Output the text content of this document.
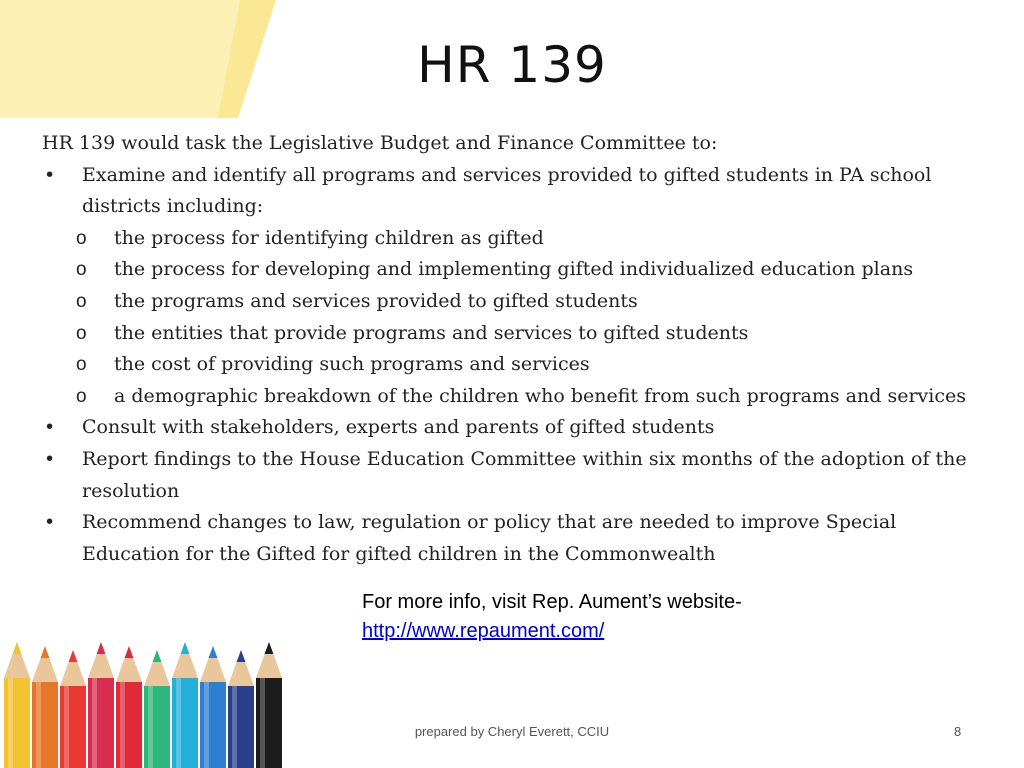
HR 139

HR 139 would task the Legislative Budget and Finance Committee to:

•	Examine and identify all programs and services provided to gifted students in PA school districts including:
o	the process for identifying children as gifted
o	the process for developing and implementing gifted individualized education plans
o	the programs and services provided to gifted students
o	the entities that provide programs and services to gifted students
o	the cost of providing such programs and services
o	a demographic breakdown of the children who benefit from such programs and services
•	Consult with stakeholders, experts and parents of gifted students
•	Report findings to the House Education Committee within six months of the adoption of the resolution
•	Recommend changes to law, regulation or policy that are needed to improve Special Education for the Gifted for gifted children in the Commonwealth
For more info, visit Rep. Aument’s website-
http://www.repaument.com/
prepared by Cheryl Everett, CCIU	8
